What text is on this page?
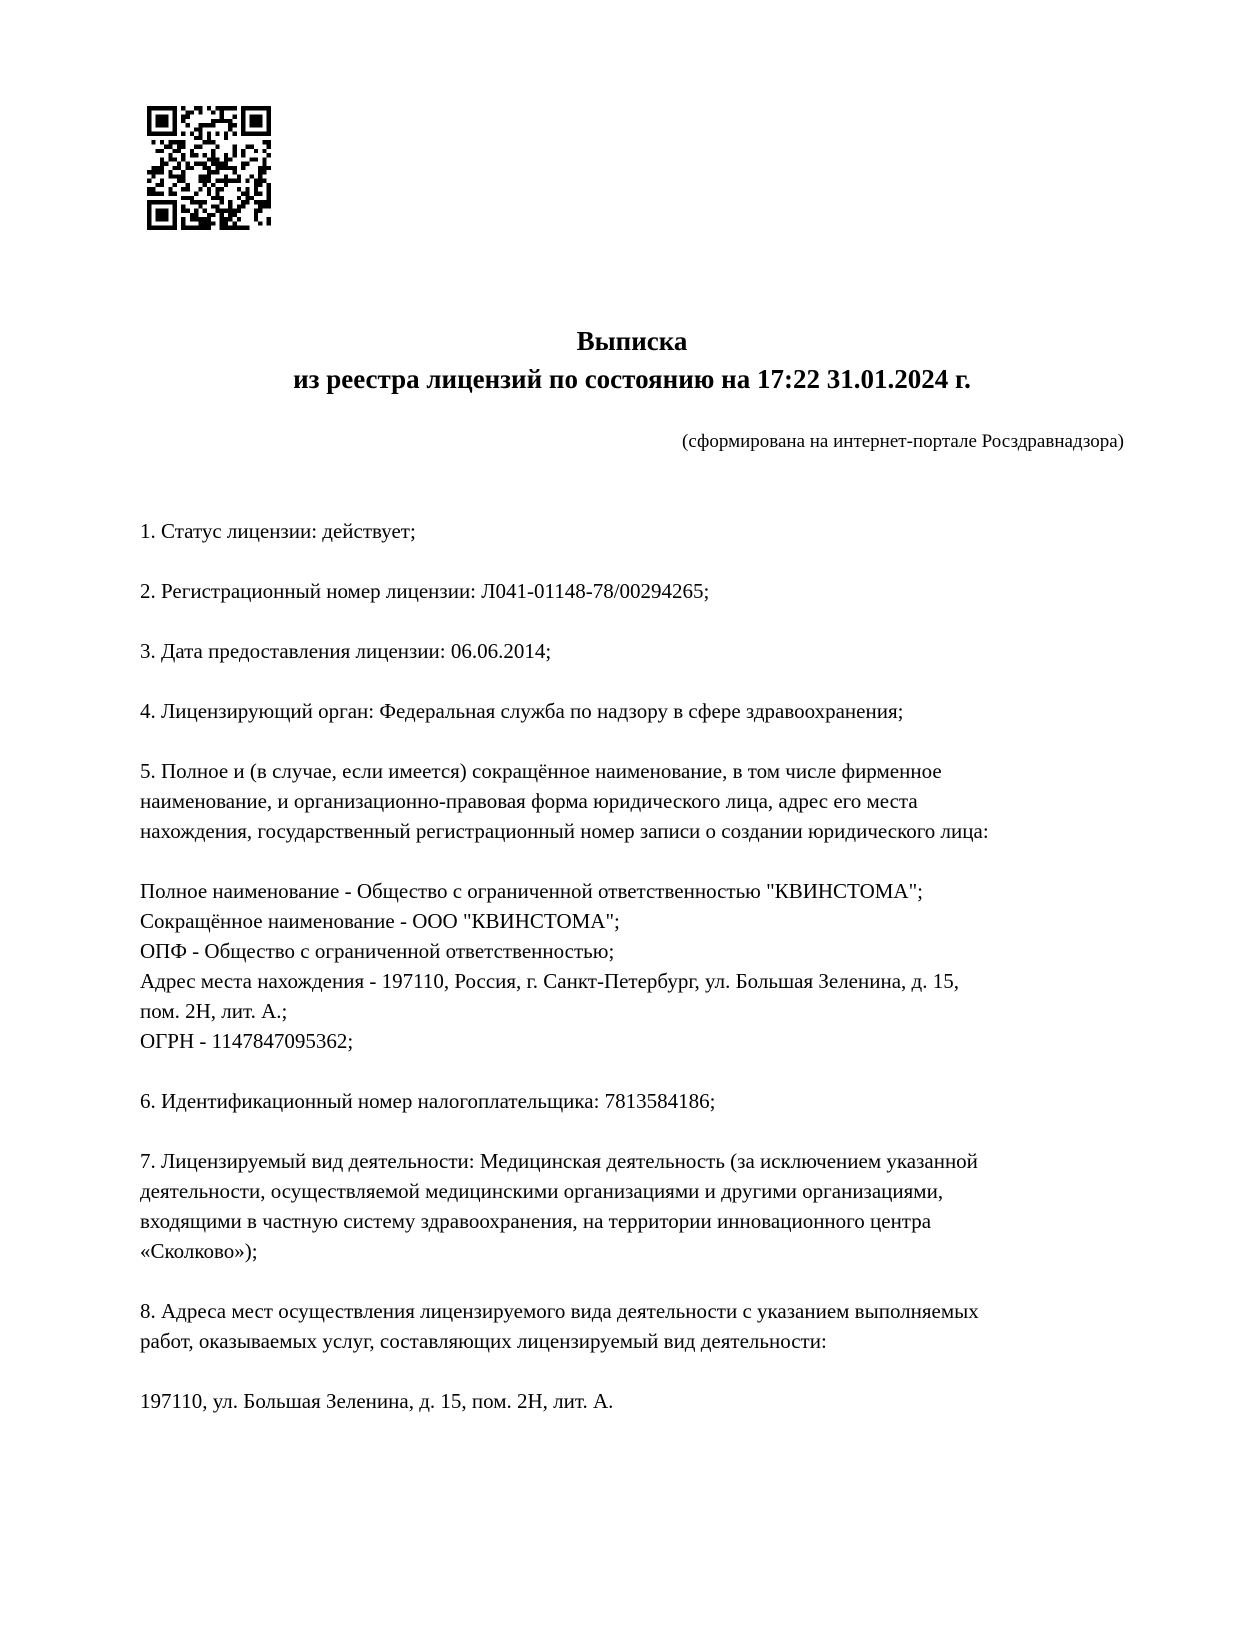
Выписка
из реестра лицензий по состоянию на 17:22 31.01.2024 г.
(сформирована на интернет-портале Росздравнадзора)
1. Статус лицензии: действует;
2. Регистрационный номер лицензии: Л041-01148-78/00294265;
3. Дата предоставления лицензии: 06.06.2014;
4. Лицензирующий орган: Федеральная служба по надзору в сфере здравоохранения;
5. Полное и (в случае, если имеется) сокращённое наименование, в том числе фирменное
наименование, и организационно-правовая форма юридического лица, адрес его места
нахождения, государственный регистрационный номер записи о создании юридического лица:
Полное наименование - Общество с ограниченной ответственностью "КВИНСТОМА";
Сокращённое наименование - ООО "КВИНСТОМА";
ОПФ - Общество с ограниченной ответственностью;
Адрес места нахождения - 197110, Россия, г. Санкт-Петербург, ул. Большая Зеленина, д. 15,
пом. 2Н, лит. А.;
ОГРН - 1147847095362;
6. Идентификационный номер налогоплательщика: 7813584186;
7. Лицензируемый вид деятельности: Медицинская деятельность (за исключением указанной
деятельности, осуществляемой медицинскими организациями и другими организациями,
входящими в частную систему здравоохранения, на территории инновационного центра
«Сколково»);
8. Адреса мест осуществления лицензируемого вида деятельности с указанием выполняемых
работ, оказываемых услуг, составляющих лицензируемый вид деятельности:
197110, ул. Большая Зеленина, д. 15, пом. 2Н, лит. А.
